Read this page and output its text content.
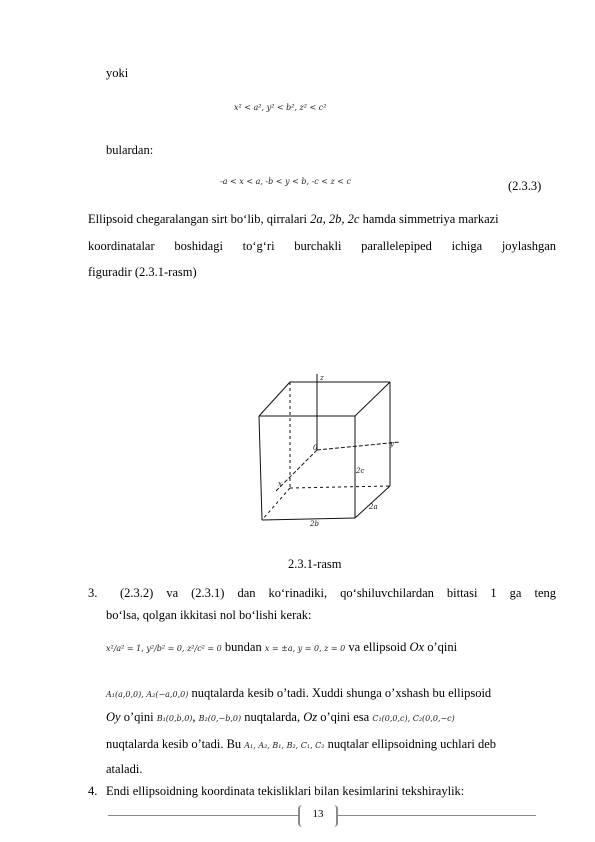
yoki
x² < a², y² < b², z² < c²
bulardan:
-a < x < a, -b < y < b, -c < z < c	(2.3.3)
Ellipsoid chegaralangan sirt bo‘lib, qirralari 2a, 2b, 2c hamda simmetriya markazi
koordinatalar boshidagi to‘g‘ri burchakli parallelepiped ichiga joylashgan
figuradir (2.3.1-rasm)
z
y
x
0
2c
2a
2b
2.3.1-rasm
3. (2.3.2) va (2.3.1) dan ko‘rinadiki, qo‘shiluvchilardan bittasi 1 ga teng
bo‘lsa, qolgan ikkitasi nol bo‘lishi kerak:
x²/a² = 1, y²/b² = 0, z²/c² = 0 bundan x = ±a, y = 0, z = 0 va ellipsoid Ox o’qini
A₁(a,0,0), A₂(−a,0,0) nuqtalarda kesib o’tadi. Xuddi shunga o’xshash bu ellipsoid
Oy o’qini B₁(0,b,0), B₂(0,−b,0) nuqtalarda, Oz o’qini esa C₁(0,0,c), C₂(0,0,−c)
nuqtalarda kesib o’tadi. Bu A₁, A₂, B₁, B₂, C₁, C₂ nuqtalar ellipsoidning uchlari deb
ataladi.
4. Endi ellipsoidning koordinata tekisliklari bilan kesimlarini tekshiraylik:
13
